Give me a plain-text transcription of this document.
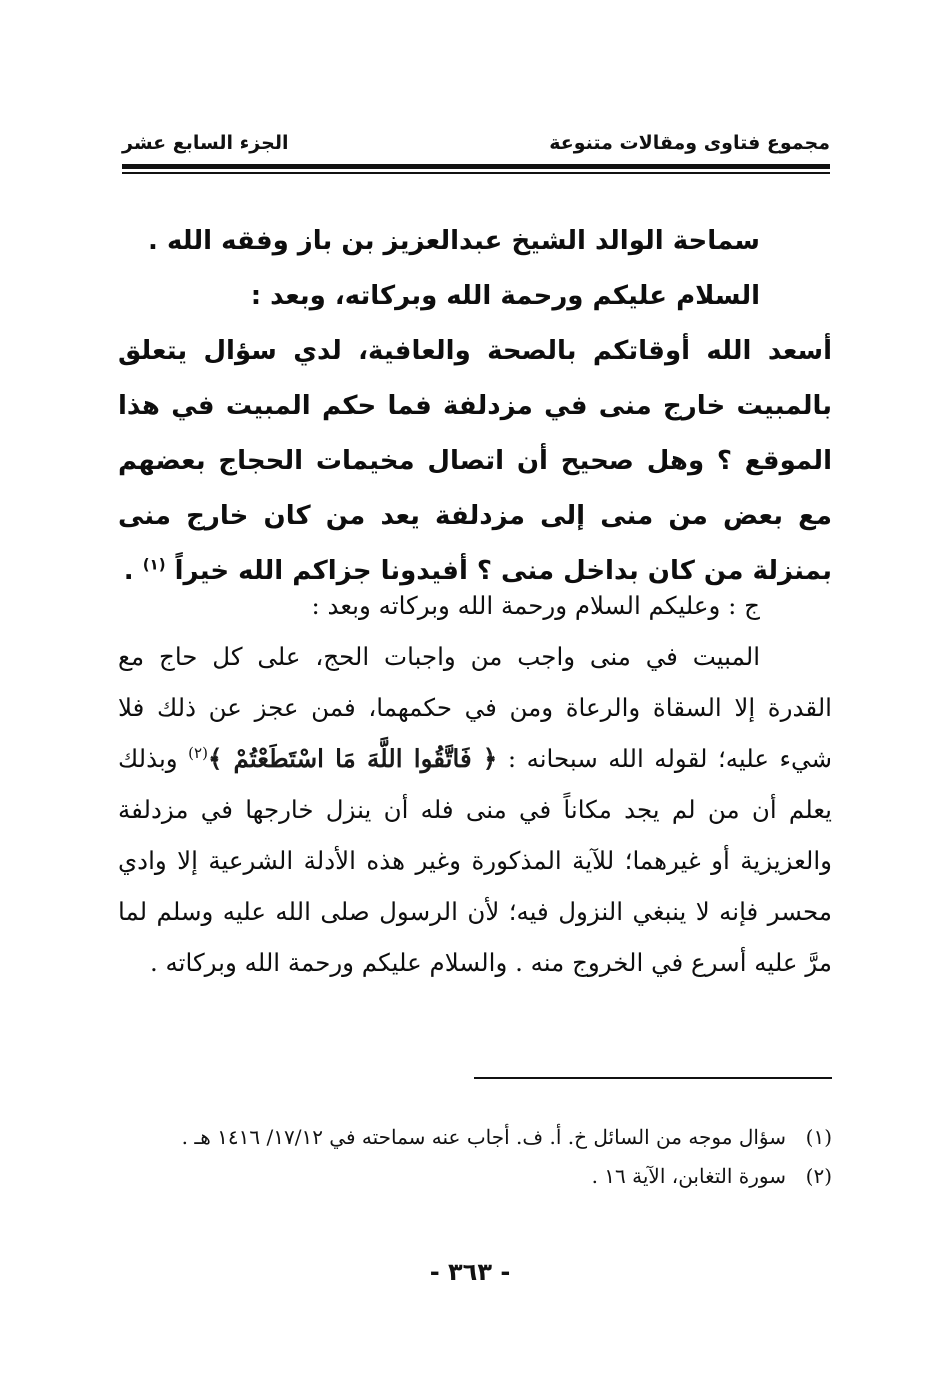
مجموع فتاوى ومقالات متنوعة
الجزء السابع عشر

سماحة الوالد الشيخ عبدالعزيز بن باز وفقه الله .

السلام عليكم ورحمة الله وبركاته، وبعد :

أسعد الله أوقاتكم بالصحة والعافية، لدي سؤال يتعلق بالمبيت خارج منى في مزدلفة فما حكم المبيت في هذا الموقع ؟ وهل صحيح أن اتصال مخيمات الحجاج بعضهم مع بعض من منى إلى مزدلفة يعد من كان خارج منى بمنزلة من كان بداخل منى ؟ أفيدونا جزاكم الله خيراً $^{(١)}$ .

ج : وعليكم السلام ورحمة الله وبركاته وبعد :

المبيت في منى واجب من واجبات الحج، على كل حاج مع القدرة إلا السقاة والرعاة ومن في حكمهما، فمن عجز عن ذلك فلا شيء عليه؛ لقوله الله سبحانه : ﴿ فَاتَّقُوا اللَّهَ مَا اسْتَطَعْتُمْ ﴾$^{(٢)}$ وبذلك يعلم أن من لم يجد مكاناً في منى فله أن ينزل خارجها في مزدلفة والعزيزية أو غيرهما؛ للآية المذكورة وغير هذه الأدلة الشرعية إلا وادي محسر فإنه لا ينبغي النزول فيه؛ لأن الرسول صلى الله عليه وسلم لما مرَّ عليه أسرع في الخروج منه . والسلام عليكم ورحمة الله وبركاته .

(١)
سؤال موجه من السائل خ. أ. ف. أجاب عنه سماحته في ١٧/١٢/ ١٤١٦ هـ .

(٢)
سورة التغابن، الآية ١٦ .

- ٣٦٣ -
